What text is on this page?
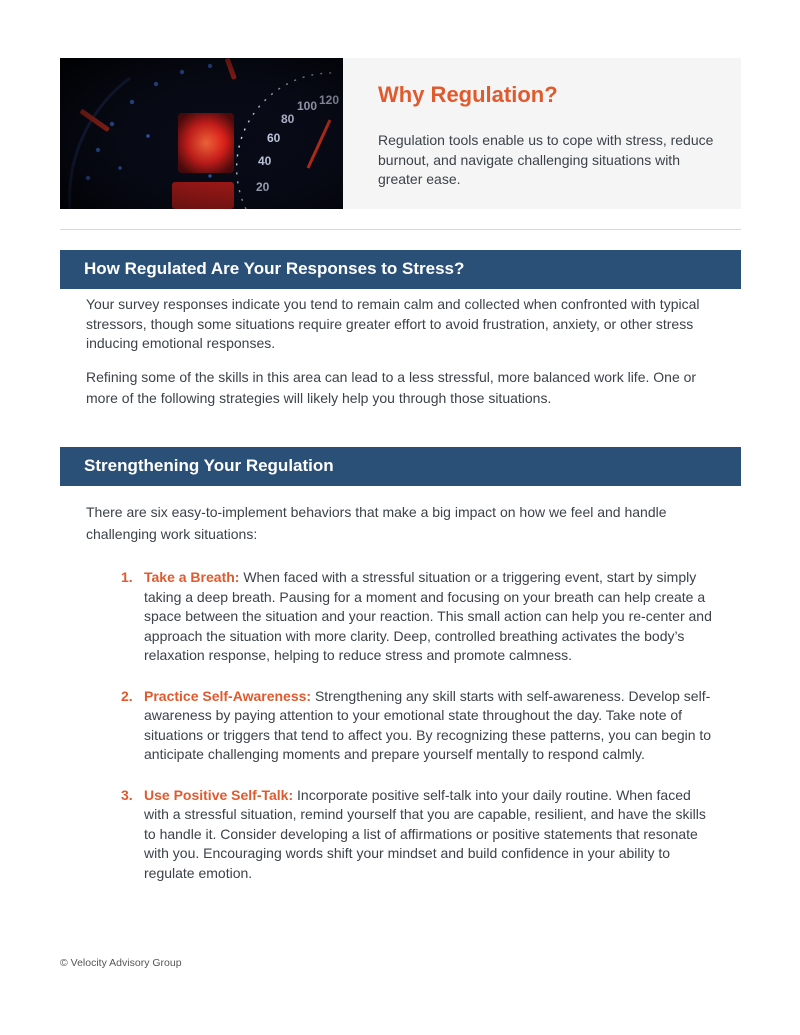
Why Regulation?

Regulation tools enable us to cope with stress, reduce burnout, and navigate challenging situations with greater ease.

How Regulated Are Your Responses to Stress?

Your survey responses indicate you tend to remain calm and collected when confronted with typical stressors, though some situations require greater effort to avoid frustration, anxiety, or other stress inducing emotional responses.

Refining some of the skills in this area can lead to a less stressful, more balanced work life. One or more of the following strategies will likely help you through those situations.

Strengthening Your Regulation

There are six easy-to-implement behaviors that make a big impact on how we feel and handle challenging work situations:

1. Take a Breath: When faced with a stressful situation or a triggering event, start by simply taking a deep breath. Pausing for a moment and focusing on your breath can help create a space between the situation and your reaction. This small action can help you re-center and approach the situation with more clarity. Deep, controlled breathing activates the body’s relaxation response, helping to reduce stress and promote calmness.
2. Practice Self-Awareness: Strengthening any skill starts with self-awareness. Develop self-awareness by paying attention to your emotional state throughout the day. Take note of situations or triggers that tend to affect you. By recognizing these patterns, you can begin to anticipate challenging moments and prepare yourself mentally to respond calmly.
3. Use Positive Self-Talk: Incorporate positive self-talk into your daily routine. When faced with a stressful situation, remind yourself that you are capable, resilient, and have the skills to handle it. Consider developing a list of affirmations or positive statements that resonate with you. Encouraging words shift your mindset and build confidence in your ability to regulate emotion.

© Velocity Advisory Group
